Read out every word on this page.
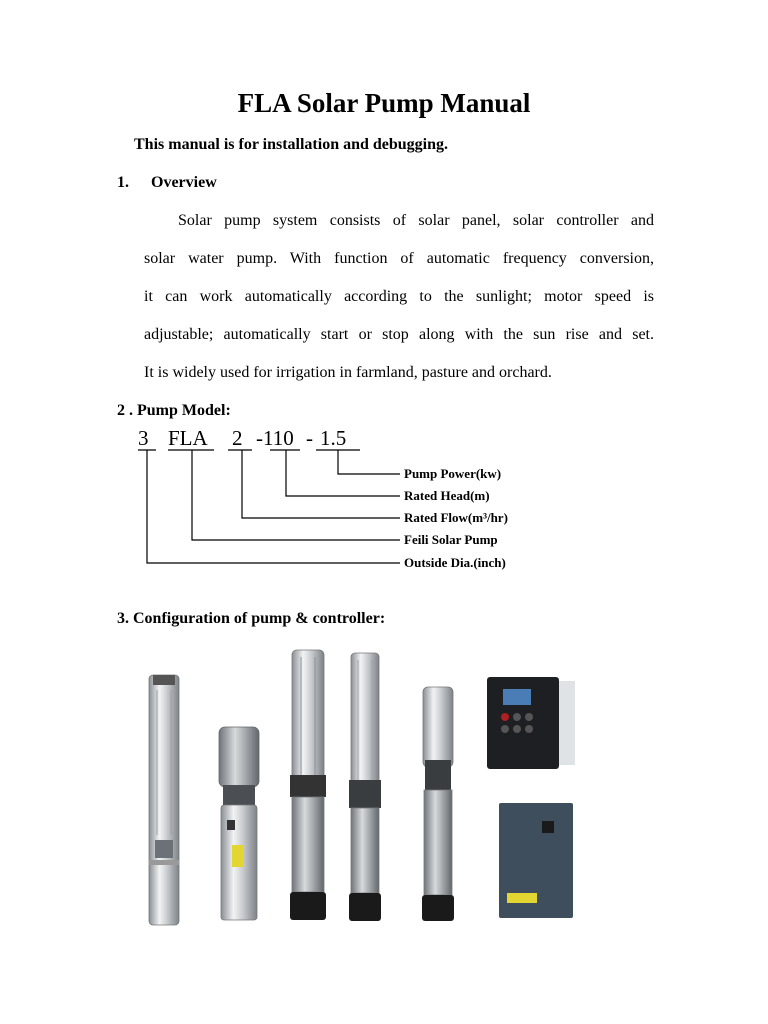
FLA Solar Pump Manual
This manual is for installation and debugging.
1. Overview
Solar pump system consists of solar panel, solar controller and
solar water pump. With function of automatic frequency conversion,
it can work automatically according to the sunlight; motor speed is
adjustable; automatically start or stop along with the sun rise and set.
It is widely used for irrigation in farmland, pasture and orchard.
2 . Pump Model:
3 FLA 2 -110 - 1.5
Pump Power(kw)
Rated Head(m)
Rated Flow(m³/hr)
Feili Solar Pump
Outside Dia.(inch)
3. Configuration of pump & controller:
